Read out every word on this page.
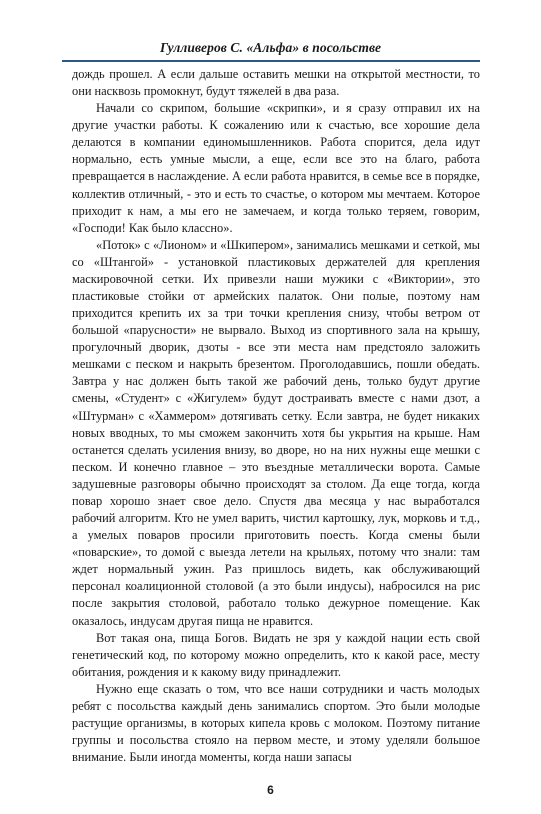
Гулливеров С. «Альфа» в посольстве

дождь прошел. А если дальше оставить мешки на открытой местности, то они насквозь промокнут, будут тяжелей в два раза.

Начали со скрипом, большие «скрипки», и я сразу отправил их на другие участки работы. К сожалению или к счастью, все хорошие дела делаются в компании единомышленников. Работа спорится, дела идут нормально, есть умные мысли, а еще, если все это на благо, работа превращается в наслаждение. А если работа нравится, в семье все в порядке, коллектив отличный, - это и есть то счастье, о котором мы мечтаем. Которое приходит к нам, а мы его не замечаем, и когда только теряем, говорим, «Господи! Как было классно».

«Поток» с «Лионом» и «Шкипером», занимались мешками и сеткой, мы со «Штангой» - установкой пластиковых держателей для крепления маскировочной сетки. Их привезли наши мужики с «Виктории», это пластиковые стойки от армейских палаток. Они полые, поэтому нам приходится крепить их за три точки крепления снизу, чтобы ветром от большой «парусности» не вырвало. Выход из спортивного зала на крышу, прогулочный дворик, дзоты - все эти места нам предстояло заложить мешками с песком и накрыть брезентом. Проголодавшись, пошли обедать. Завтра у нас должен быть такой же рабочий день, только будут другие смены, «Студент» с «Жигулем» будут достраивать вместе с нами дзот, а «Штурман» с «Хаммером» дотягивать сетку. Если завтра, не будет никаких новых вводных, то мы сможем закончить хотя бы укрытия на крыше. Нам останется сделать усиления внизу, во дворе, но на них нужны еще мешки с песком. И конечно главное – это въездные металлически ворота. Самые задушевные разговоры обычно происходят за столом. Да еще тогда, когда повар хорошо знает свое дело. Спустя два месяца у нас выработался рабочий алгоритм. Кто не умел варить, чистил картошку, лук, морковь и т.д., а умелых поваров просили приготовить поесть. Когда смены были «поварские», то домой с выезда летели на крыльях, потому что знали: там ждет нормальный ужин. Раз пришлось видеть, как обслуживающий персонал коалиционной столовой (а это были индусы), набросился на рис после закрытия столовой, работало только дежурное помещение. Как оказалось, индусам другая пища не нравится.

Вот такая она, пища Богов. Видать не зря у каждой нации есть свой генетический код, по которому можно определить, кто к какой расе, месту обитания, рождения и к какому виду принадлежит.

Нужно еще сказать о том, что все наши сотрудники и часть молодых ребят с посольства каждый день занимались спортом. Это были молодые растущие организмы, в которых кипела кровь с молоком. Поэтому питание группы и посольства стояло на первом месте, и этому уделяли большое внимание. Были иногда моменты, когда наши запасы

6
